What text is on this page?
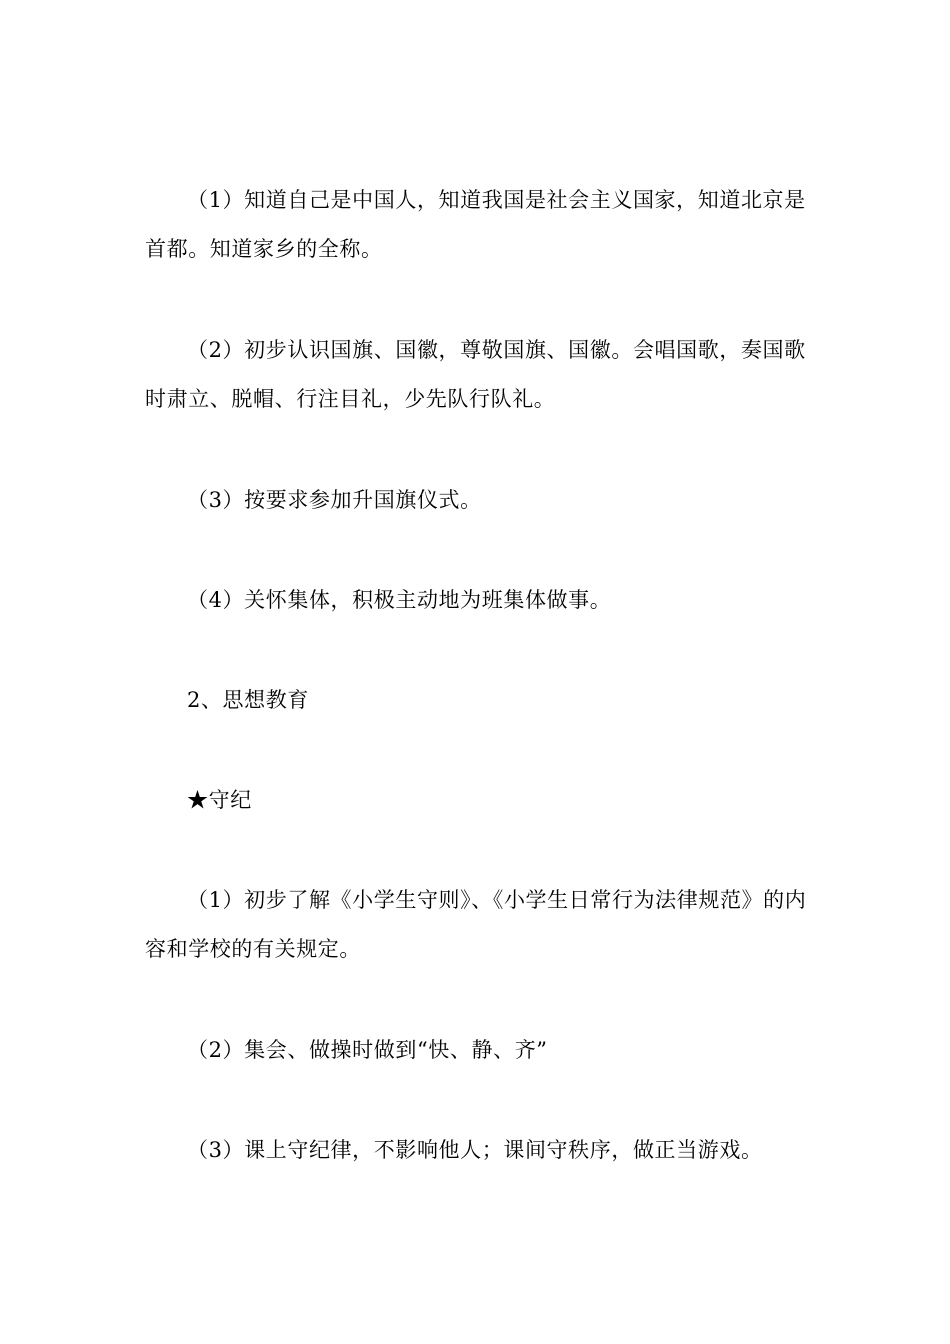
（1）知道自己是中国人，知道我国是社会主义国家，知道北京是首都。知道家乡的全称。

（2）初步认识国旗、国徽，尊敬国旗、国徽。会唱国歌，奏国歌时肃立、脱帽、行注目礼，少先队行队礼。

（3）按要求参加升国旗仪式。

（4）关怀集体，积极主动地为班集体做事。

2、思想教育

★守纪

（1）初步了解《小学生守则》、《小学生日常行为法律规范》的内容和学校的有关规定。

（2）集会、做操时做到“快、静、齐”

（3）课上守纪律，不影响他人；课间守秩序，做正当游戏。
